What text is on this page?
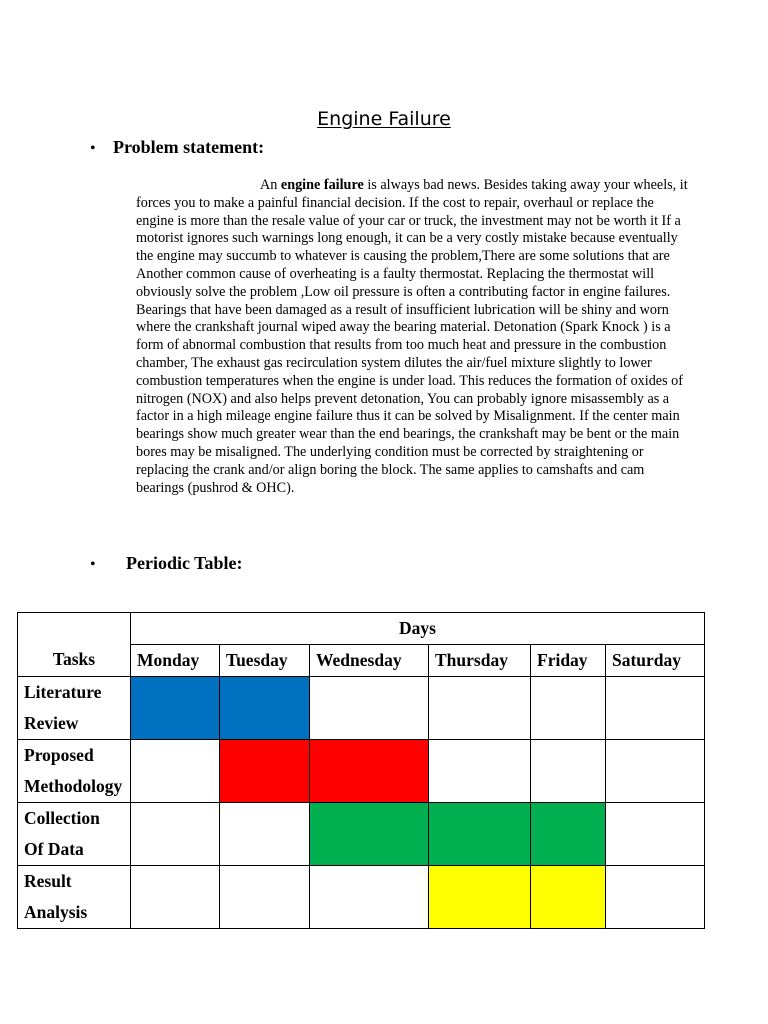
Engine Failure
• Problem statement:
An engine failure is always bad news. Besides taking away your wheels, it forces you to make a painful financial decision. If the cost to repair, overhaul or replace the engine is more than the resale value of your car or truck, the investment may not be worth it If a motorist ignores such warnings long enough, it can be a very costly mistake because eventually the engine may succumb to whatever is causing the problem,There are some solutions that are Another common cause of overheating is a faulty thermostat. Replacing the thermostat will obviously solve the problem ,Low oil pressure is often a contributing factor in engine failures. Bearings that have been damaged as a result of insufficient lubrication will be shiny and worn where the crankshaft journal wiped away the bearing material. Detonation (Spark Knock ) is a form of abnormal combustion that results from too much heat and pressure in the combustion chamber, The exhaust gas recirculation system dilutes the air/fuel mixture slightly to lower combustion temperatures when the engine is under load. This reduces the formation of oxides of nitrogen (NOX) and also helps prevent detonation, You can probably ignore misassembly as a factor in a high mileage engine failure thus it can be solved by Misalignment. If the center main bearings show much greater wear than the end bearings, the crankshaft may be bent or the main bores may be misaligned. The underlying condition must be corrected by straightening or replacing the crank and/or align boring the block. The same applies to camshafts and cam bearings (pushrod & OHC).
• Periodic Table:
Tasks	Days					
	Monday	Tuesday	Wednesday	Thursday	Friday	Saturday

Literature
Review						

Proposed
Methodology						

Collection
Of Data						

Result
Analysis						
